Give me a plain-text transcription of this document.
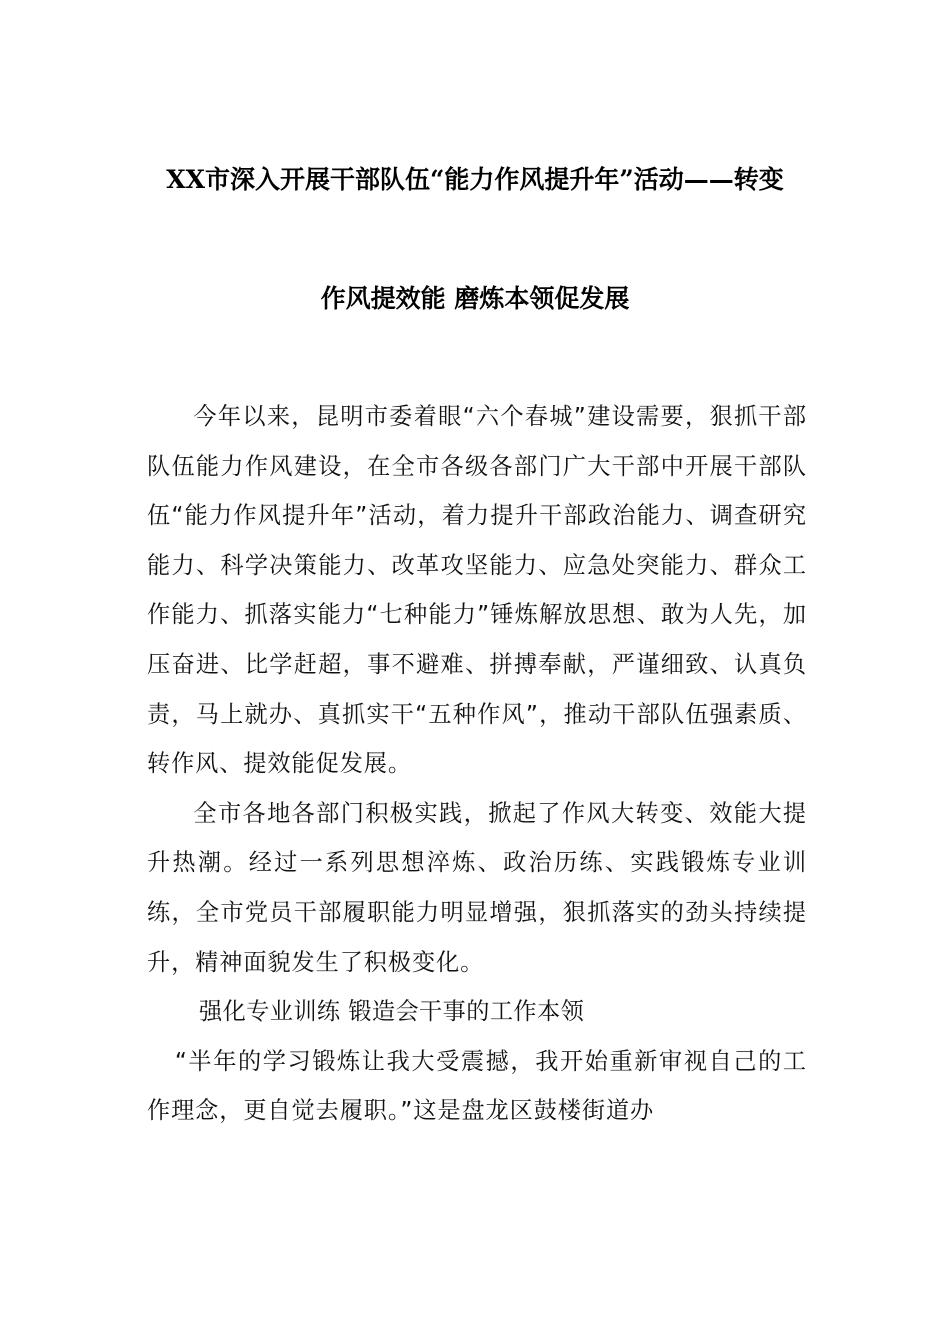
XX市深入开展干部队伍“能力作风提升年”活动——转变
作风提效能 磨炼本领促发展

今年以来，昆明市委着眼“六个春城”建设需要，狠抓干部队伍能力作风建设，在全市各级各部门广大干部中开展干部队伍“能力作风提升年”活动，着力提升干部政治能力、调查研究能力、科学决策能力、改革攻坚能力、应急处突能力、群众工作能力、抓落实能力“七种能力”锤炼解放思想、敢为人先，加压奋进、比学赶超，事不避难、拼搏奉献，严谨细致、认真负责，马上就办、真抓实干“五种作风”，推动干部队伍强素质、转作风、提效能促发展。

全市各地各部门积极实践，掀起了作风大转变、效能大提升热潮。经过一系列思想淬炼、政治历练、实践锻炼专业训练，全市党员干部履职能力明显增强，狠抓落实的劲头持续提升，精神面貌发生了积极变化。

强化专业训练 锻造会干事的工作本领

“半年的学习锻炼让我大受震撼，我开始重新审视自己的工作理念，更自觉去履职。”这是盘龙区鼓楼街道办
